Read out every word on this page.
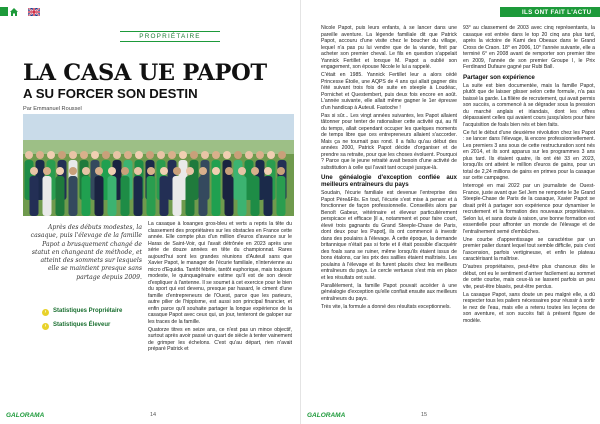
PROPRIÉTAIRE
LA CASA UE PAPOT
A SU FORCER SON DESTIN
Par Emmanuel Roussel
Après des débuts modestes, la casaque, puis l'élevage de la famille Papot a brusquement changé de statut en changeant de méthode, et atteint des sommets sur lesquels elle se maintient presque sans partage depuis 2009.
› Statistiques Propriétaire
› Statistiques Éleveur

La casaque à losanges gros-bleu et verts a repris la tête du classement des propriétaires sur les obstacles en France cette année. Elle compte plus d'un million d'euros d'avance sur le Haras de Saint-Voir, qui l'avait détrônée en 2023 après une série de douze années en tête du championnat. Rares aujourd'hui sont les grandes réunions d'Auteuil sans que Xavier Papot, le manager de l'écurie familiale, n'intervienne au micro d'Equidia. Tantôt fébrile, tantôt euphorique, mais toujours modeste, le quinquagénaire estime qu'il est de son devoir d'expliquer à l'antenne. Il se soumet à cet exercice pour le bien du sport qui est devenu, presque par hasard, le ciment d'une famille d'entrepreneurs de l'Ouest, parce que les parieurs, autre pilier de l'hippisme, est aussi son principal financier, et enfin parce qu'il souhaite partager la longue expérience de la casaque Papot avec ceux qui, un jour, tenteront de galoper sur les traces de la famille.

Quatorze titres en seize ans, ce n'est pas un mince objectif, surtout après avoir passé un quart de siècle à tenter vainement de grimper les échelons. C'est qu'au départ, rien n'avait préparé Patrick et

GALORAMA	14
ILS ONT FAIT L'ACTU

Nicole Papot, puis leurs enfants, à se lancer dans une pareille aventure. La légende familiale dit que Patrick Papot, accouru d'une visite chez le boucher du village, lequel n'a pas pu lui vendre que de la viande, finit par acheter son premier cheval. Le fils en question s'appelait Yannick Fertillet et lorsque M. Papot a oublié son engagement, son épouse Nicole le lui a rappelé.

C'était en 1985. Yannick Fertillet leur a alors cédé Princesse Étoile, une AQPS de 4 ans qui allait gagner dès l'été suivant trois fois de suite en steeple à Loudéac, Pornichet et Questembert, puis deux fois encore en août. L'année suivante, elle allait même gagner le 1er épreuve d'un handicap à Auteuil. Fastoche !

Pas si sûr... Les vingt années suivantes, les Papot allaient tâtonner pour tenter de rationaliser cette activité qui, au fil du temps, allait cependant occuper les quelques moments de temps libre que ces entrepreneurs allaient s'accorder. Mais ça ne tournait pas rond. Il a fallu qu'au début des années 2000, Patrick Papot décide d'organiser et de prendre sa retraite, pour que les choses évoluent. Pourquoi ? Parce que le jeune retraité avait besoin d'une activité de substitution à celle qui l'avait tant occupé jusque-là.

Une généalogie d'exception confiée aux meilleurs entraîneurs du pays

Soudain, l'écurie familiale est devenue l'entreprise des Papot Père&Fils. En tout, l'écurie s'est mise à penser et à fonctionner de façon professionnelle. Conseillés alors par Benoît Gabeur, vétérinaire et éleveur particulièrement perspicace et efficace [il a, notamment et pour faire court, élevé trois gagnants du Grand Steeple-Chase de Paris, dont deux pour les Papot], ils ont commencé à investir dans des poulains à l'élevage. À cette époque, la demande britannique n'était pas si forte et il était possible d'acquérir des foals sans se ruiner, même lorsqu'ils étaient issus de bons étalons, car les prix des saillies étaient maîtrisés. Les poulains à l'élevage et ils furent placés chez les meilleurs entraîneurs du pays. Le cercle vertueux s'est mis en place et les résultats ont suivi.

Parallèlement, la famille Papot pouvait accéder à une généalogie d'exception qu'elle confiait ensuite aux meilleurs entraîneurs du pays.

Très vite, la formule a donné des résultats exceptionnels.

93° au classement de 2003 avec cinq représentants, la casaque est entrée dans le top 20 cinq ans plus tard, après la victoire de Kami des Obeaux dans le Grand Cross de Craon. 18° en 2006, 10° l'année suivante, elle a terminé 6° en 2008 avant de remporter son premier titre en 2009, l'année de son premier Groupe I, le Prix Ferdinand Dufaure gagné par Rubi Ball.

Partager son expérience

La suite est bien documentée, mais la famille Papot, plutôt que de laisser glisser selon cette formule, n'a pas baissé la garde. La filière de recrutement, qui avait permis son succès, a commencé à se dégrader sous la pression du marché anglais et irlandais, dont les offres dépassaient celles qui avaient cours jusqu'alors pour faire l'acquisition de foals bien nés et bien faits.

Ce fut le début d'une deuxième révolution chez les Papot : se lancer dans l'élevage, là encore professionnellement. Les premiers 3 ans sous de cette restructuration sont nés en 2014, et ils sont apparus sur les programmes 3 ans plus tard. Ils étaient quatre, ils ont été 33 en 2023, lorsqu'ils ont atteint le million d'euros de gains, pour un total de 2,24 millions de gains en primes pour la casaque sur cette campagne.

Interrogé en mai 2022 par un journaliste de Ouest-France, juste avant que Sel Jem ne remporte le 3e Grand Steeple-Chase de Paris de la casaque, Xavier Papot se disait prêt à partager son expérience pour dynamiser le recrutement et la formation des nouveaux propriétaires. Selon lui, et sans doute à raison, une bonne formation est essentielle pour affronter un monde de l'élevage et de l'entraînement semé d'embûches.

Une courbe d'apprentissage se caractérise par un premier palier durant lequel tout semble difficile, puis c'est l'ascension, parfois vertigineuse, et enfin le plateau caractérisant la maîtrise.

D'autres propriétaires, peut-être plus chanceux dès le début, ont eu le sentiment d'arriver facilement au sommet de cette courbe, mais ceux-là se lassent parfois un peu vite, peut-être blasés, peut-être perdus.

La casaque Papot, sans doute un peu malgré elle, a dû respecter tous les paliers nécessaires pour réussir à sortir le nez de l'eau, mais elle a retenu toutes les leçons de son aventure, et son succès fait à présent figure de modèle.

GALORAMA	15
